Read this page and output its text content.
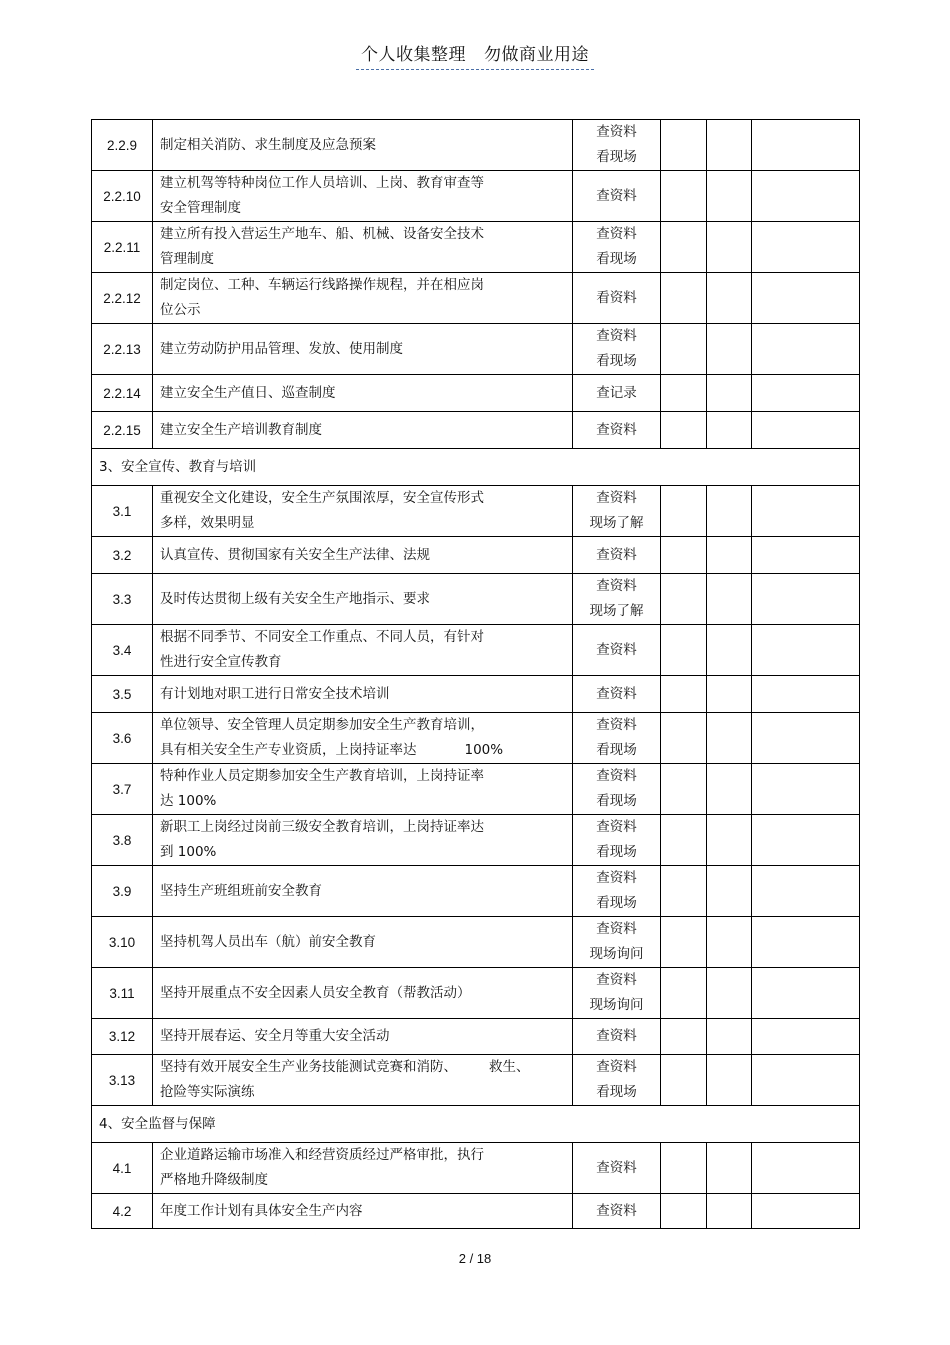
个人收集整理 勿做商业用途
2.2.9	制定相关消防、求生制度及应急预案	查资料
看现场			

2.2.10	建立机驾等特种岗位工作人员培训、上岗、教育审查等
安全管理制度	查资料			

2.2.11	建立所有投入营运生产地车、船、机械、设备安全技术
管理制度	查资料
看现场			

2.2.12	制定岗位、工种、车辆运行线路操作规程，并在相应岗
位公示	看资料			

2.2.13	建立劳动防护用品管理、发放、使用制度	查资料
看现场			

2.2.14	建立安全生产值日、巡查制度	查记录			

2.2.15	建立安全生产培训教育制度	查资料			

3、安全宣传、教育与培训					
3.1	重视安全文化建设，安全生产氛围浓厚，安全宣传形式
多样，效果明显	查资料
现场了解			

3.2	认真宣传、贯彻国家有关安全生产法律、法规	查资料			

3.3	及时传达贯彻上级有关安全生产地指示、要求	查资料
现场了解			

3.4	根据不同季节、不同安全工作重点、不同人员，有针对
性进行安全宣传教育	查资料			

3.5	有计划地对职工进行日常安全技术培训	查资料			

3.6	单位领导、安全管理人员定期参加安全生产教育培训，
具有相关安全生产专业资质，上岗持证率达 100%	查资料
看现场			

3.7	特种作业人员定期参加安全生产教育培训，上岗持证率
达 100%	查资料
看现场			

3.8	新职工上岗经过岗前三级安全教育培训，上岗持证率达
到 100%	查资料
看现场			

3.9	坚持生产班组班前安全教育	查资料
看现场			

3.10	坚持机驾人员出车（航）前安全教育	查资料
现场询问			

3.11	坚持开展重点不安全因素人员安全教育（帮教活动）	查资料
现场询问			

3.12	坚持开展春运、安全月等重大安全活动	查资料			

3.13	坚持有效开展安全生产业务技能测试竞赛和消防、 救生、
抢险等实际演练	查资料
看现场			

4、安全监督与保障					
4.1	企业道路运输市场准入和经营资质经过严格审批，执行
严格地升降级制度	查资料			

4.2	年度工作计划有具体安全生产内容	查资料			

2 / 18
